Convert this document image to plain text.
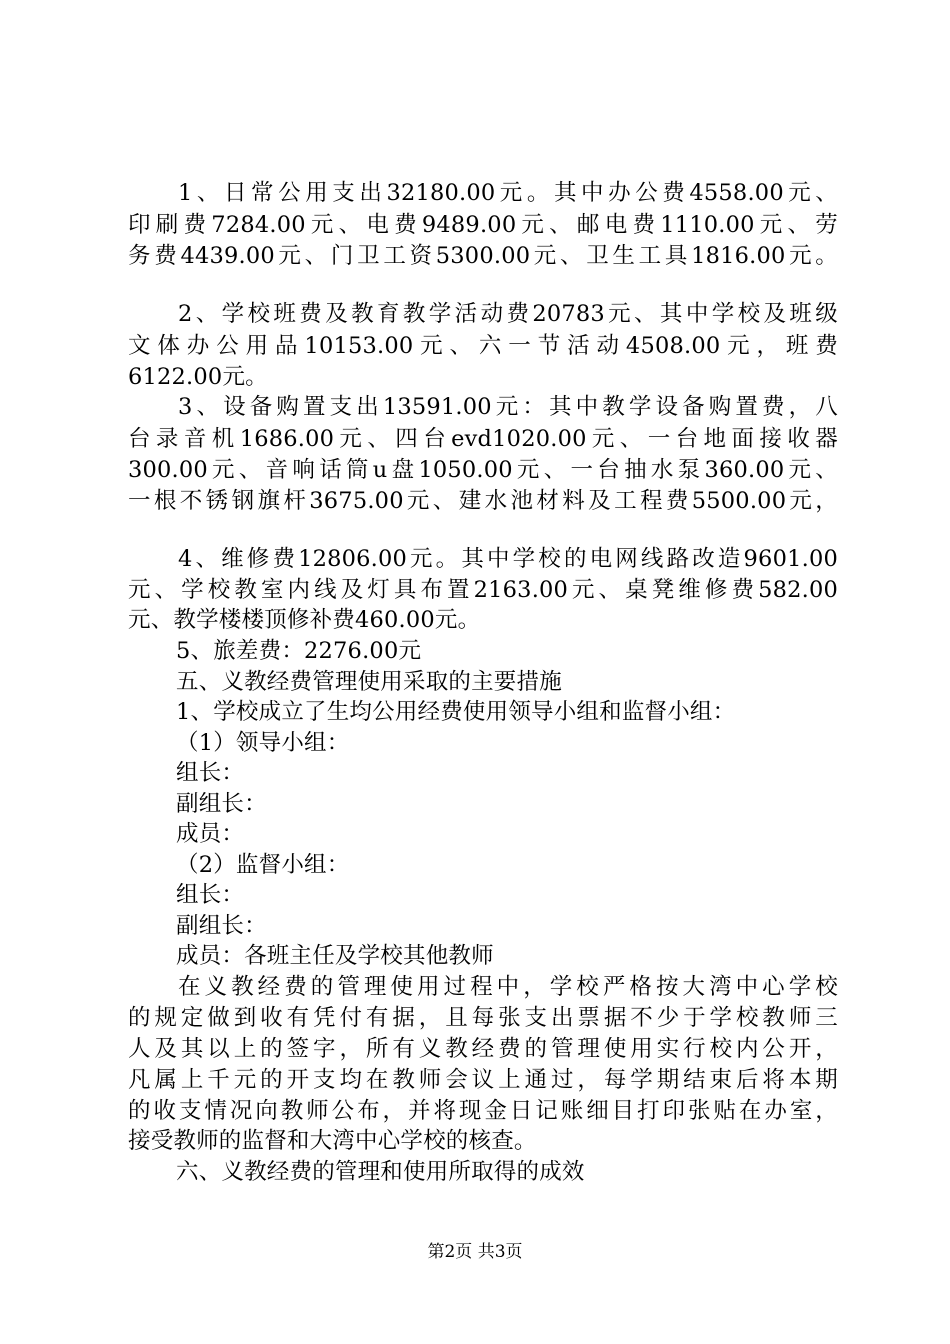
1、日常公用支出32180.00元。其中办公费4558.00元、
印刷费7284.00元、电费9489.00元、邮电费1110.00元、劳
务费4439.00元、门卫工资5300.00元、卫生工具1816.00元。
2、学校班费及教育教学活动费20783元、其中学校及班级
文体办公用品10153.00元、六一节活动4508.00元，班费
6122.00元。
3、设备购置支出13591.00元：其中教学设备购置费，八
台录音机1686.00元、四台evd1020.00元、一台地面接收器
300.00元、音响话筒u盘1050.00元、一台抽水泵360.00元、
一根不锈钢旗杆3675.00元、建水池材料及工程费5500.00元，
4、维修费12806.00元。其中学校的电网线路改造9601.00
元、学校教室内线及灯具布置2163.00元、桌凳维修费582.00
元、教学楼楼顶修补费460.00元。
5、旅差费：2276.00元
五、义教经费管理使用采取的主要措施
1、学校成立了生均公用经费使用领导小组和监督小组：
（1）领导小组：
组长：
副组长：
成员：
（2）监督小组：
组长：
副组长：
成员：各班主任及学校其他教师
在义教经费的管理使用过程中，学校严格按大湾中心学校
的规定做到收有凭付有据，且每张支出票据不少于学校教师三
人及其以上的签字，所有义教经费的管理使用实行校内公开，
凡属上千元的开支均在教师会议上通过，每学期结束后将本期
的收支情况向教师公布，并将现金日记账细目打印张贴在办室，
接受教师的监督和大湾中心学校的核查。
六、义教经费的管理和使用所取得的成效
第2页 共3页
